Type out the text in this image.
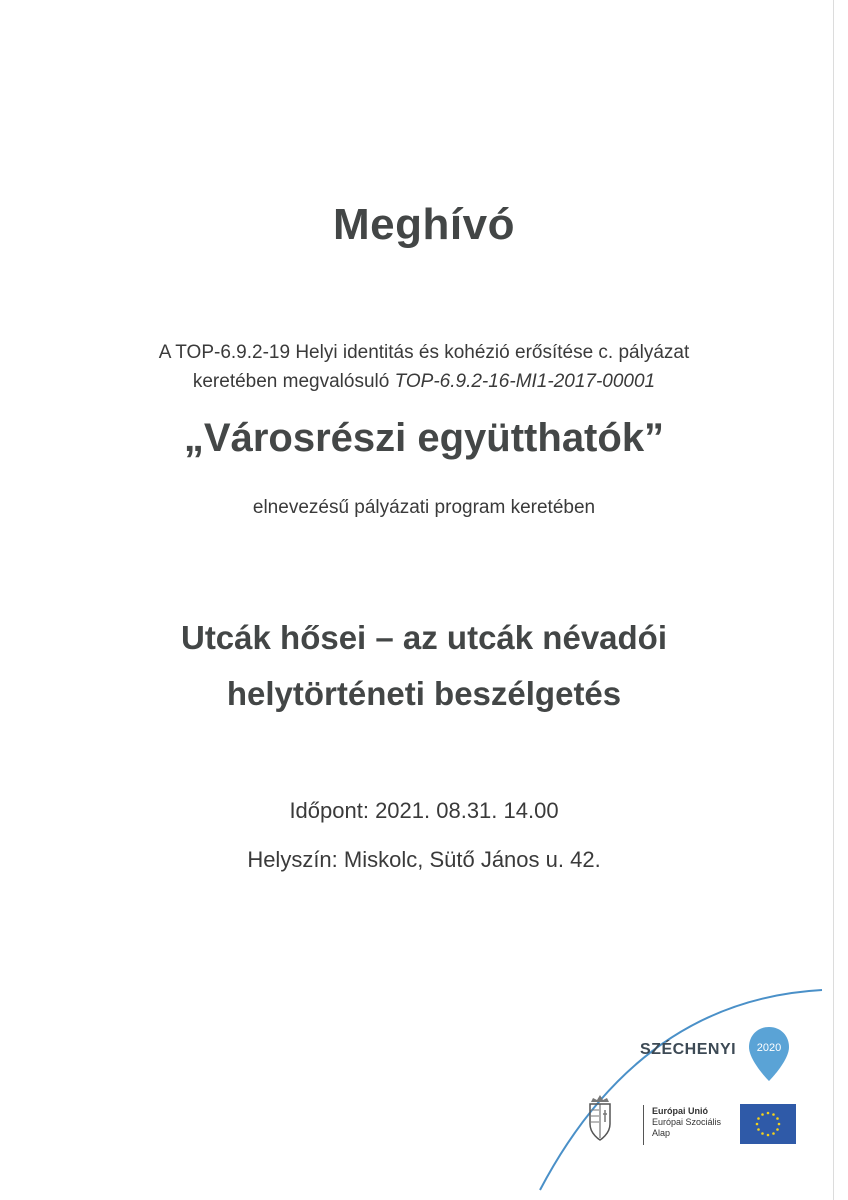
Meghívó
A TOP-6.9.2-19 Helyi identitás és kohézió erősítése c. pályázat
keretében megvalósuló TOP-6.9.2-16-MI1-2017-00001
„Városrészi együtthatók”
elnevezésű pályázati program keretében
Utcák hősei – az utcák névadói
helytörténeti beszélgetés
Időpont: 2021. 08.31. 14.00
Helyszín: Miskolc, Sütő János u. 42.
SZÉCHENYI 2020
Európai Unió
Európai Szociális
Alap
